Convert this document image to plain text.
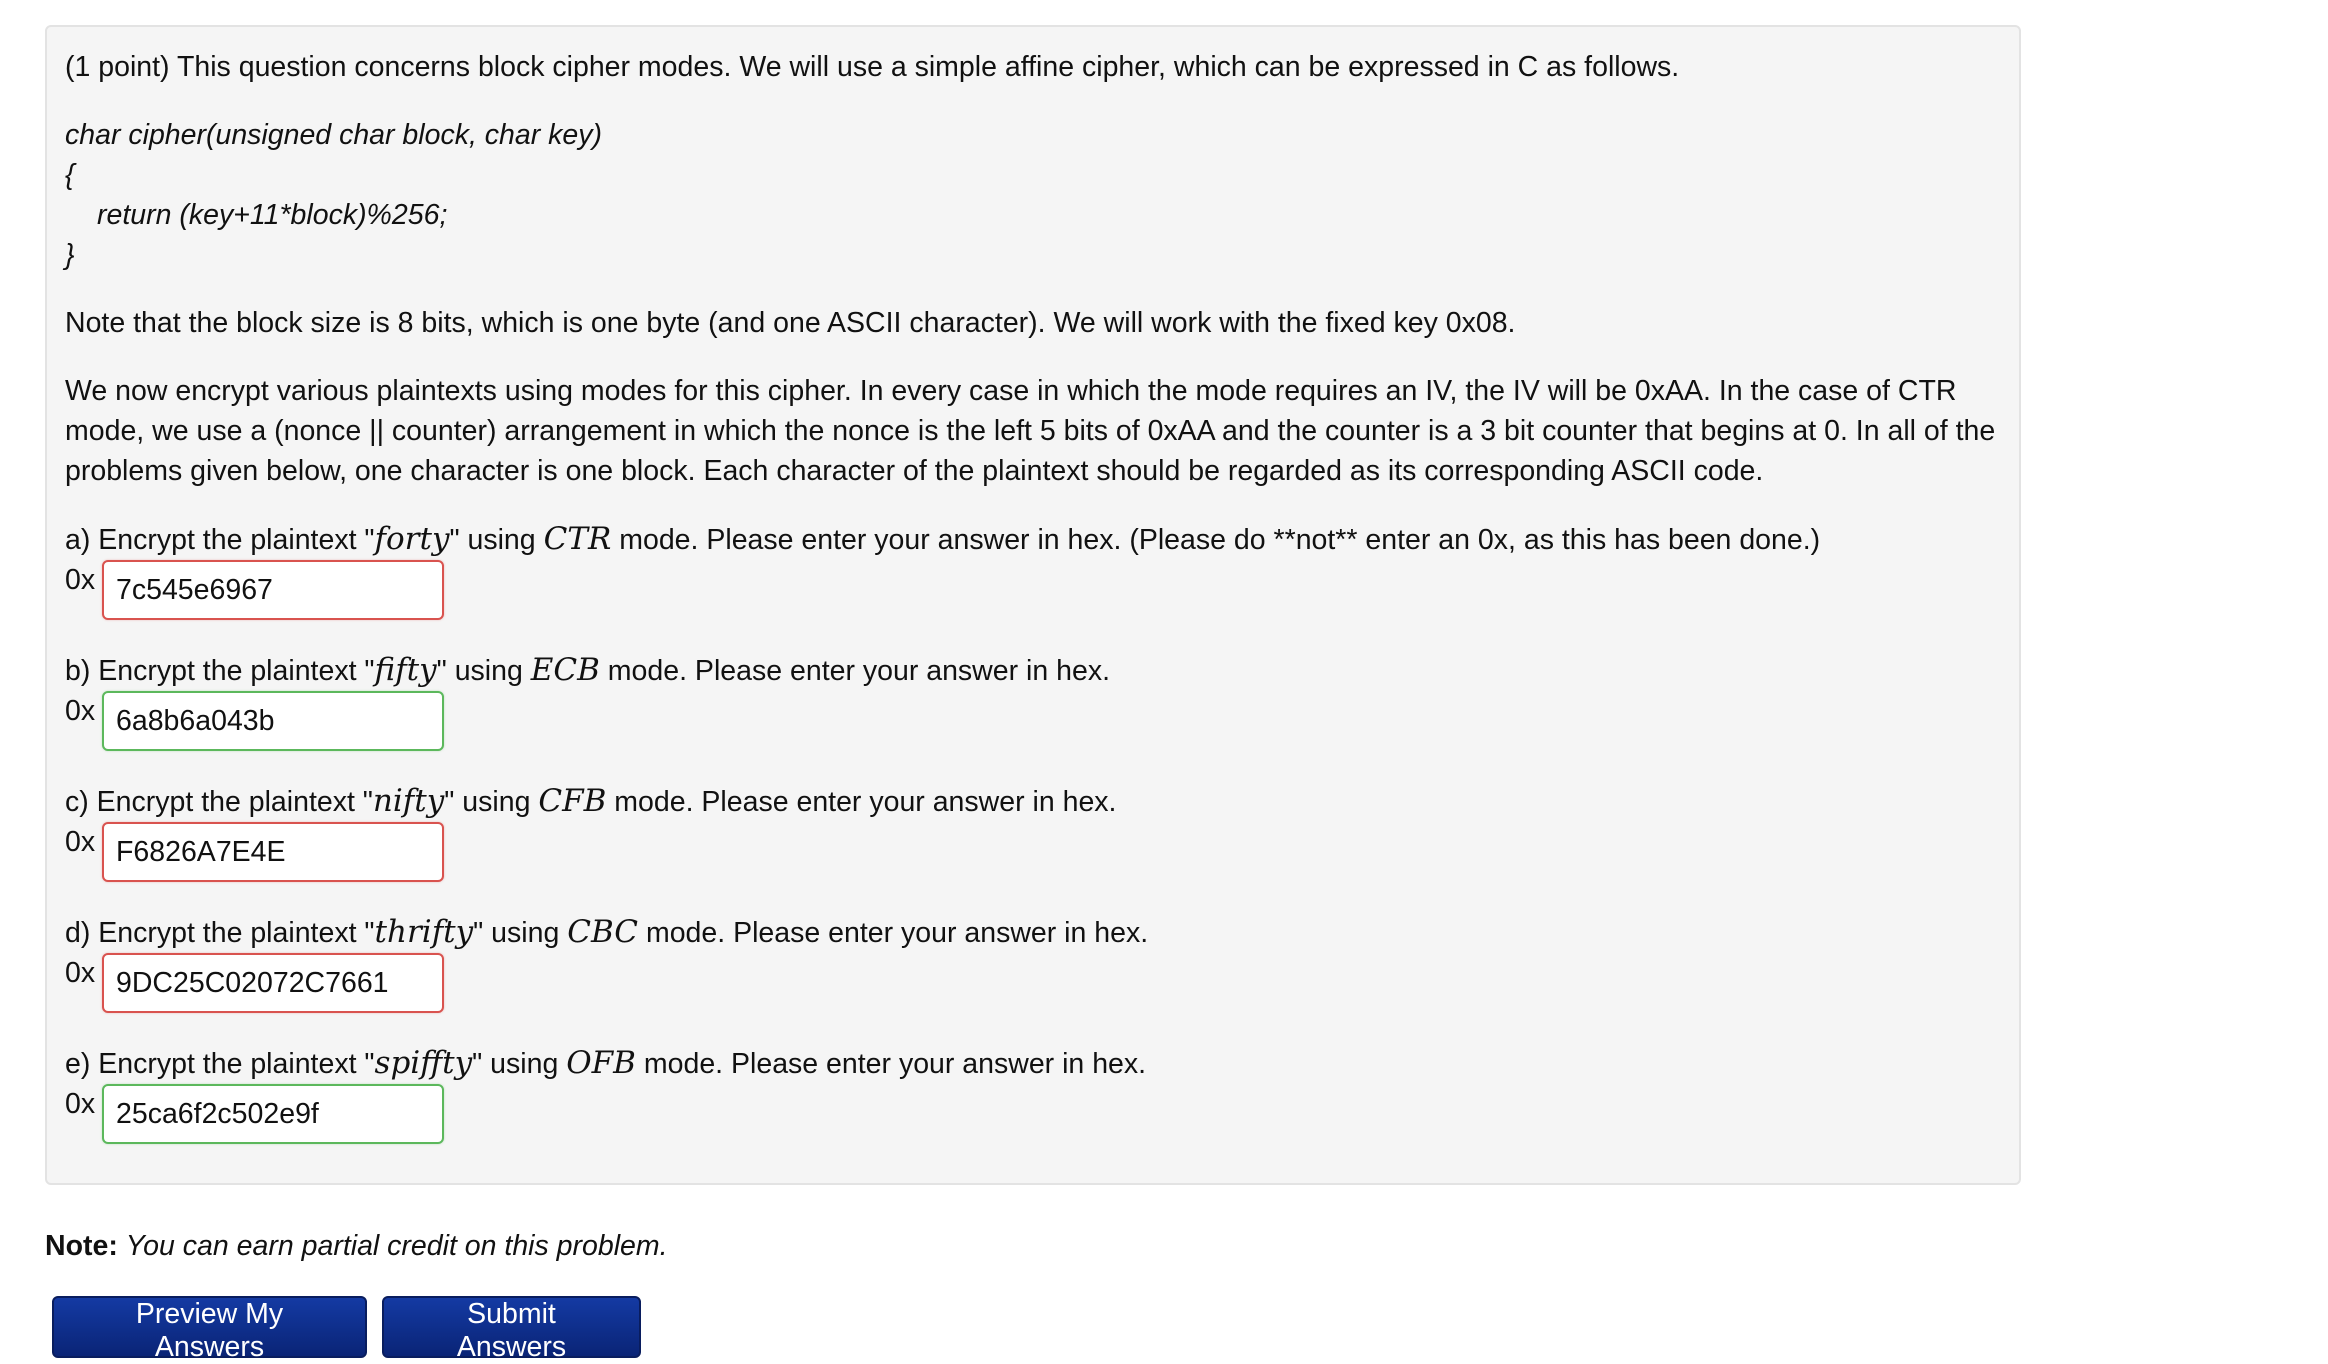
(1 point) This question concerns block cipher modes. We will use a simple affine cipher, which can be expressed in C as follows.

char cipher(unsigned char block, char key)
{
return (key+11*block)%256;
}

Note that the block size is 8 bits, which is one byte (and one ASCII character). We will work with the fixed key 0x08.

We now encrypt various plaintexts using modes for this cipher. In every case in which the mode requires an IV, the IV will be 0xAA. In the case of CTR mode, we use a (nonce || counter) arrangement in which the nonce is the left 5 bits of 0xAA and the counter is a 3 bit counter that begins at 0. In all of the problems given below, one character is one block. Each character of the plaintext should be regarded as its corresponding ASCII code.

a) Encrypt the plaintext "forty" using CTR mode. Please enter your answer in hex. (Please do **not** enter an 0x, as this has been done.)
0x
7c545e6967
b) Encrypt the plaintext "fifty" using ECB mode. Please enter your answer in hex.
0x
6a8b6a043b
c) Encrypt the plaintext "nifty" using CFB mode. Please enter your answer in hex.
0x
F6826A7E4E
d) Encrypt the plaintext "thrifty" using CBC mode. Please enter your answer in hex.
0x
9DC25C02072C7661
e) Encrypt the plaintext "spiffty" using OFB mode. Please enter your answer in hex.
0x
25ca6f2c502e9f
Note: You can earn partial credit on this problem.
Preview My Answers
Submit Answers
